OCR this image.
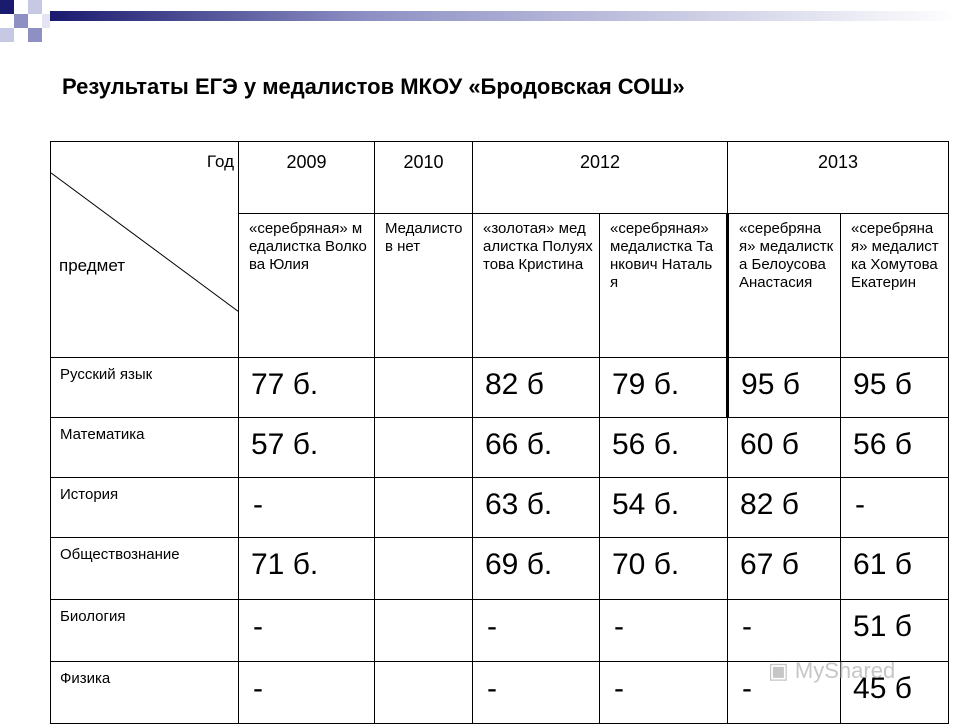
Результаты ЕГЭ у медалистов МКОУ «Бродовская СОШ»
Год
предмет	2009	2010	2012		2013	
	«серебряная» медалистка Волкова Юлия	Медалистов нет	«золотая» медалистка Полуяхтова Кристина	«серебряная» медалистка Танкович Наталья	«серебряная» медалистка Белоусова Анастасия	«серебряная» медалистка Хомутова Екатерин
Русский язык	77 б.		82 б	79 б.	95 б	95 б
Математика	57 б.		66 б.	56 б.	60 б	56 б
История	-		63 б.	54 б.	82 б	-
Обществознание	71 б.		69 б.	70 б.	67 б	61 б
Биология	-		-	-	-	51 б
Физика	-		-	-	-	45 б
▣ MyShared
